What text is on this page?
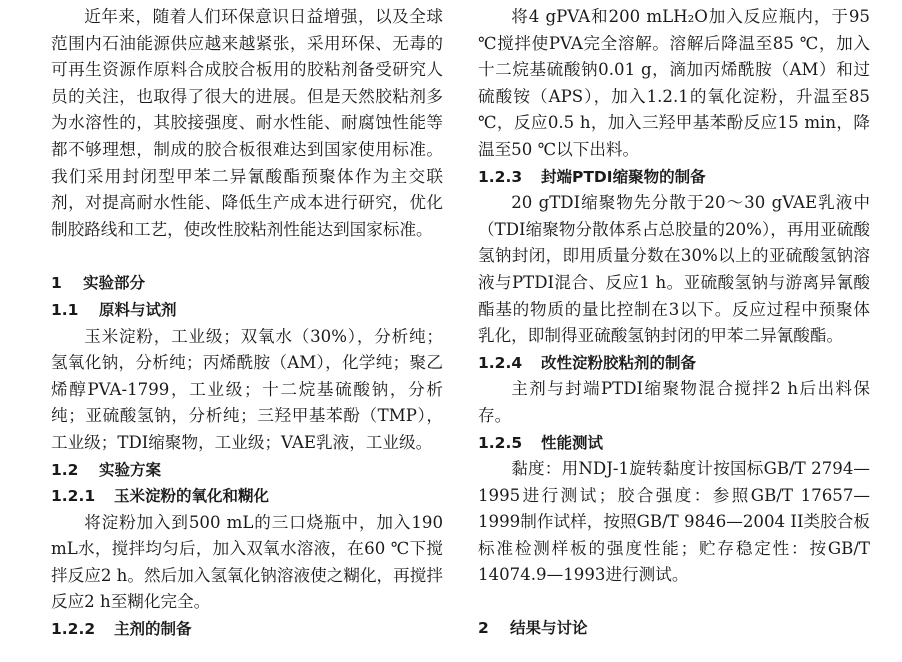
近年来，随着人们环保意识日益增强，以及全球范围内石油能源供应越来越紧张，采用环保、无毒的可再生资源作原料合成胶合板用的胶粘剂备受研究人员的关注，也取得了很大的进展。但是天然胶粘剂多为水溶性的，其胶接强度、耐水性能、耐腐蚀性能等都不够理想，制成的胶合板很难达到国家使用标准。我们采用封闭型甲苯二异氰酸酯预聚体作为主交联剂，对提高耐水性能、降低生产成本进行研究，优化制胶路线和工艺，使改性胶粘剂性能达到国家标准。

1 实验部分
1.1 原料与试剂

玉米淀粉，工业级；双氧水（30%），分析纯；氢氧化钠，分析纯；丙烯酰胺（AM），化学纯；聚乙烯醇PVA-1799，工业级；十二烷基硫酸钠，分析纯；亚硫酸氢钠，分析纯；三羟甲基苯酚（TMP），工业级；TDI缩聚物，工业级；VAE乳液，工业级。

1.2 实验方案
1.2.1 玉米淀粉的氧化和糊化

将淀粉加入到500 mL的三口烧瓶中，加入190 mL水，搅拌均匀后，加入双氧水溶液，在60 ℃下搅拌反应2 h。然后加入氢氧化钠溶液使之糊化，再搅拌反应2 h至糊化完全。

1.2.2 主剂的制备

将4 gPVA和200 mLH₂O加入反应瓶内，于95 ℃搅拌使PVA完全溶解。溶解后降温至85 ℃，加入十二烷基硫酸钠0.01 g，滴加丙烯酰胺（AM）和过硫酸铵（APS），加入1.2.1的氧化淀粉，升温至85 ℃，反应0.5 h，加入三羟甲基苯酚反应15 min，降温至50 ℃以下出料。

1.2.3 封端PTDI缩聚物的制备

20 gTDI缩聚物先分散于20～30 gVAE乳液中（TDI缩聚物分散体系占总胶量的20%），再用亚硫酸氢钠封闭，即用质量分数在30%以上的亚硫酸氢钠溶液与PTDI混合、反应1 h。亚硫酸氢钠与游离异氰酸酯基的物质的量比控制在3以下。反应过程中预聚体乳化，即制得亚硫酸氢钠封闭的甲苯二异氰酸酯。

1.2.4 改性淀粉胶粘剂的制备

主剂与封端PTDI缩聚物混合搅拌2 h后出料保存。

1.2.5 性能测试

黏度：用NDJ-1旋转黏度计按国标GB/T 2794—1995进行测试；胶合强度：参照GB/T 17657—1999制作试样，按照GB/T 9846—2004 II类胶合板标准检测样板的强度性能；贮存稳定性：按GB/T 14074.9—1993进行测试。

2 结果与讨论
